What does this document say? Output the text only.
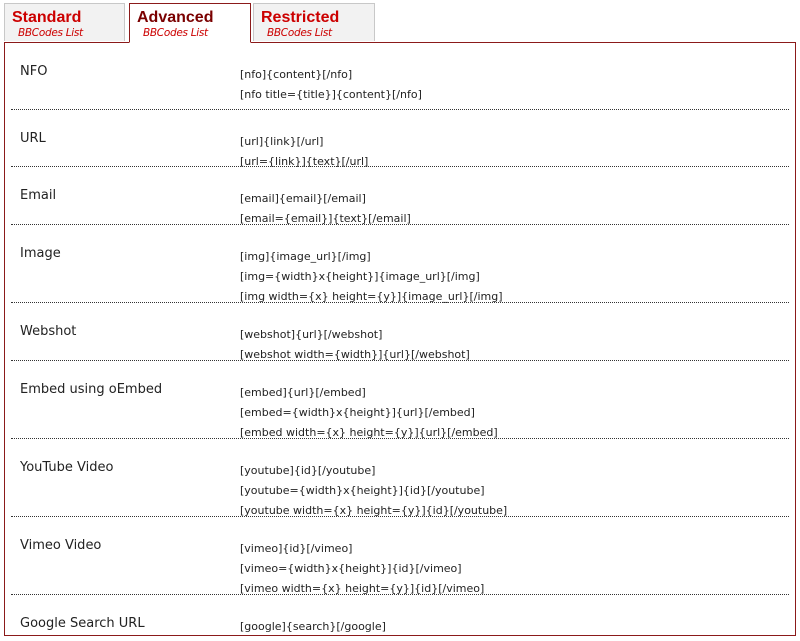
Standard
BBCodes List
Advanced
BBCodes List
Restricted
BBCodes List
NFO	[nfo]{content}[/nfo]
[nfo title={title}]{content}[/nfo]
URL	[url]{link}[/url]
[url={link}]{text}[/url]
Email	[email]{email}[/email]
[email={email}]{text}[/email]
Image	[img]{image_url}[/img]
[img={width}x{height}]{image_url}[/img]
[img width={x} height={y}]{image_url}[/img]
Webshot	[webshot]{url}[/webshot]
[webshot width={width}]{url}[/webshot]
Embed using oEmbed	[embed]{url}[/embed]
[embed={width}x{height}]{url}[/embed]
[embed width={x} height={y}]{url}[/embed]
YouTube Video	[youtube]{id}[/youtube]
[youtube={width}x{height}]{id}[/youtube]
[youtube width={x} height={y}]{id}[/youtube]
Vimeo Video	[vimeo]{id}[/vimeo]
[vimeo={width}x{height}]{id}[/vimeo]
[vimeo width={x} height={y}]{id}[/vimeo]
Google Search URL	[google]{search}[/google]
